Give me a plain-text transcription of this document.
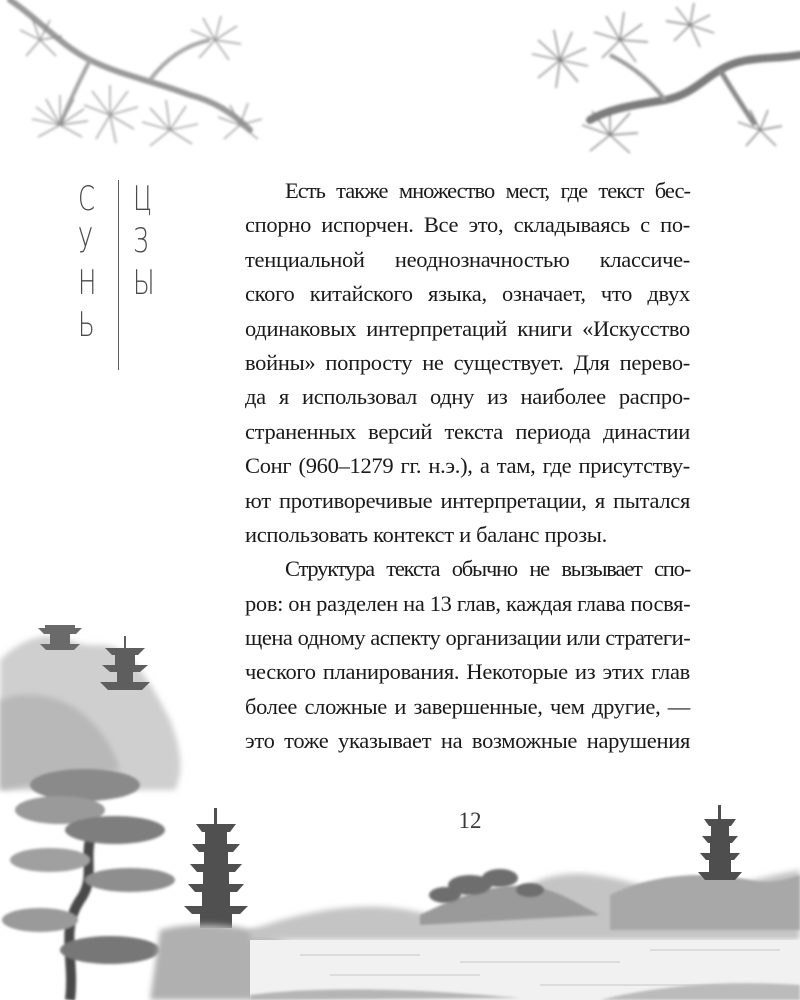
С
У
Н
Ь
Ц
З
Ы

Есть также множество мест, где текст бес-
спорно испорчен. Все это, складываясь с по-
тенциальной неоднозначностью классиче-
ского китайского языка, означает, что двух
одинаковых интерпретаций книги «Искусство
войны» попросту не существует. Для перево-
да я использовал одну из наиболее распро-
страненных версий текста периода династии
Сонг (960–1279 гг. н.э.), а там, где присутству-
ют противоречивые интерпретации, я пытался
использовать контекст и баланс прозы.

Структура текста обычно не вызывает спо-
ров: он разделен на 13 глав, каждая глава посвя-
щена одному аспекту организации или стратеги-
ческого планирования. Некоторые из этих глав
более сложные и завершенные, чем другие, —
это тоже указывает на возможные нарушения

12
